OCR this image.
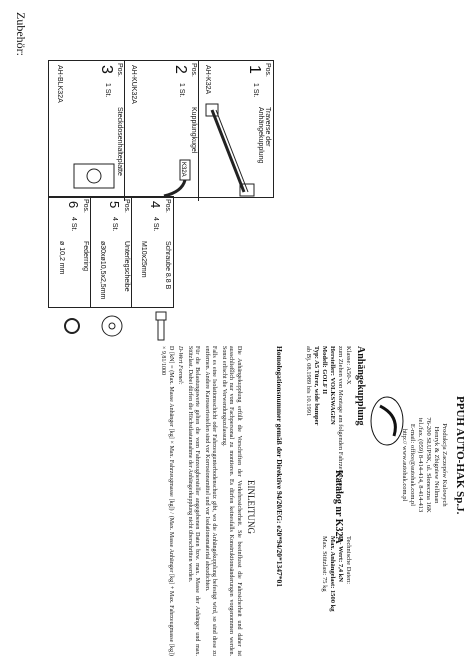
Zubehör:
Pos.
1
1 St.
Traverse der Anhängekupplung
AH-K32A
Pos.
2
1 St.
Kupplungkugel
AH-KUK32A
Pos.
3
1 St.
Steckdosenhalteplatte
AH-BLK32A
K32A
Pos.
4
4 St.
Schraube 8.8 B
M10x25mm
Pos.
5
4 St.
Unterlegscheibe
ø30xø10,5x2,5mm
Pos.
6
4 St.
Federring
ø 10,2 mm
PPUH AUTO-HAK Sp.J.
Produkcja Zaczepów Kulowych
Henryk & Zbigniew Nellman
76-200 SŁUPSK, ul. Słoneczna 16K
tel./fax. (059) 8-414-414, 8-414-413
E-mail: office@autohak.com.pl
http:// www.autohak.com.pl
Anhängekupplung
Klasse: A50-X
zum Ziehen von Montage am folgenden Fahrzeugtypen:
Hersteller: VOLKSWAGEN
Modell: GOLF II
Typ: A5 Türer, wide bumper
ab Bj. 08.1989 bis 10.1991
Katalog nr K32A
Technische Daten:
D - Wert: 7,4 kN
Max. Anhängelast: 1500 kg
Max. Stützlast: 75 kg
Homologationsnummer gemäß der Direktive 94/20/EG: e20*94/20*1347*01
EINLEITUNG

Die Anhängekupplung erfüllt die Vorschriften der Verkehrssicherheit. Sie beeinflusst die Fahrsicherheit und daher ist ausschließlich nur vom Fachpersonal zu montieren. Es dürfen keinesfalls Konstruktionsänderungen vorgenommen werden. Sonst erlischt die Verwendungszulassung.

Falls es eine Isolationsschicht oder Fahrzeugunterbodenschutz gibt, wo die Anhängekupplung befestigt wird, so sind diese zu entfernen. Andere Karosseriestellen sind vor Korrosionsmittel und vor Isolationsmaterial abzudichten.

Für die Belastungswerte gelten die vom Fahrzeughersteller angegebenen Daten bzw. max. Masse der Anhänger und max. Stützlast. Dabei dürfen die Höchstlastannahme der Anhängerkupplung nicht überschritten werden.

D-Wert Formel:

D [kN] = (Max. Masse Anhänger [kg] × Max. Fahrzeugmasse [kg]) / (Max. Masse Anhänger [kg] + Max. Fahrzeugmasse [kg]) × 9,81/1000
